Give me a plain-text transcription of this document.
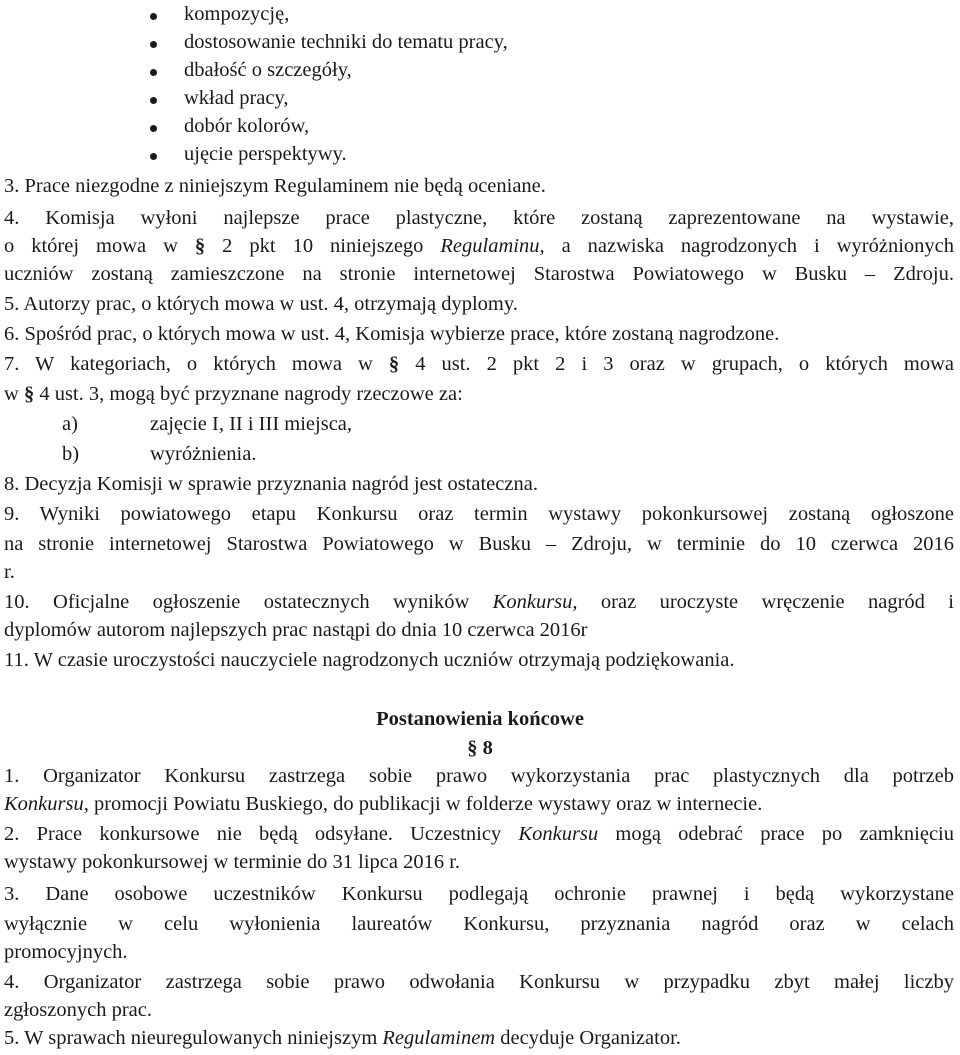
kompozycję,
dostosowanie techniki do tematu pracy,
dbałość o szczegóły,
wkład pracy,
dobór kolorów,
ujęcie perspektywy.
3. Prace niezgodne z niniejszym Regulaminem nie będą oceniane.
4. Komisja wyłoni najlepsze prace plastyczne, które zostaną zaprezentowane na wystawie,
o której mowa w § 2 pkt 10 niniejszego Regulaminu, a nazwiska nagrodzonych i wyróżnionych
uczniów zostaną zamieszczone na stronie internetowej Starostwa Powiatowego w Busku – Zdroju.
5. Autorzy prac, o których mowa w ust. 4, otrzymają dyplomy.
6. Spośród prac, o których mowa w ust. 4, Komisja wybierze prace, które zostaną nagrodzone.
7. W kategoriach, o których mowa w § 4 ust. 2 pkt 2 i 3 oraz w grupach, o których mowa
w § 4 ust. 3, mogą być przyznane nagrody rzeczowe za:
a)	zajęcie I, II i III miejsca,
b)	wyróżnienia.
8. Decyzja Komisji w sprawie przyznania nagród jest ostateczna.
9. Wyniki powiatowego etapu Konkursu oraz termin wystawy pokonkursowej zostaną ogłoszone
na stronie internetowej Starostwa Powiatowego w Busku – Zdroju, w terminie do 10 czerwca 2016
r.
10. Oficjalne ogłoszenie ostatecznych wyników Konkursu, oraz uroczyste wręczenie nagród i
dyplomów autorom najlepszych prac nastąpi do dnia 10 czerwca 2016r
11. W czasie uroczystości nauczyciele nagrodzonych uczniów otrzymają podziękowania.
Postanowienia końcowe
§ 8
1. Organizator Konkursu zastrzega sobie prawo wykorzystania prac plastycznych dla potrzeb
Konkursu, promocji Powiatu Buskiego, do publikacji w folderze wystawy oraz w internecie.
2. Prace konkursowe nie będą odsyłane. Uczestnicy Konkursu mogą odebrać prace po zamknięciu
wystawy pokonkursowej w terminie do 31 lipca 2016 r.
3. Dane osobowe uczestników Konkursu podlegają ochronie prawnej i będą wykorzystane
wyłącznie w celu wyłonienia laureatów Konkursu, przyznania nagród oraz w celach
promocyjnych.
4. Organizator zastrzega sobie prawo odwołania Konkursu w przypadku zbyt małej liczby
zgłoszonych prac.
5. W sprawach nieuregulowanych niniejszym Regulaminem decyduje Organizator.
